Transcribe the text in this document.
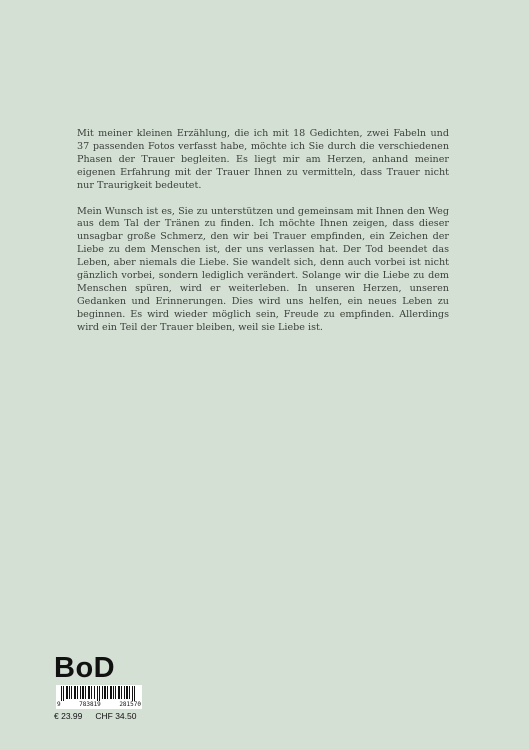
Mit meiner kleinen Erzählung, die ich mit 18 Gedichten, zwei Fabeln und 37 passenden Fotos verfasst habe, möchte ich Sie durch die verschiedenen Phasen der Trauer begleiten. Es liegt mir am Herzen, anhand meiner eigenen Erfahrung mit der Trauer Ihnen zu vermitteln, dass Trauer nicht nur Traurigkeit bedeutet.

Mein Wunsch ist es, Sie zu unterstützen und gemeinsam mit Ihnen den Weg aus dem Tal der Tränen zu finden. Ich möchte Ihnen zeigen, dass dieser unsagbar große Schmerz, den wir bei Trauer empfinden, ein Zeichen der Liebe zu dem Menschen ist, der uns verlassen hat. Der Tod beendet das Leben, aber niemals die Liebe. Sie wandelt sich, denn auch vorbei ist nicht gänzlich vorbei, sondern lediglich verändert. Solange wir die Liebe zu dem Menschen spüren, wird er weiterleben. In unseren Herzen, unseren Gedanken und Erinnerungen. Dies wird uns helfen, ein neues Leben zu beginnen. Es wird wieder möglich sein, Freude zu empfinden. Allerdings wird ein Teil der Trauer bleiben, weil sie Liebe ist.

BoD
9	783819	281570
€ 23.99 CHF 34.50
